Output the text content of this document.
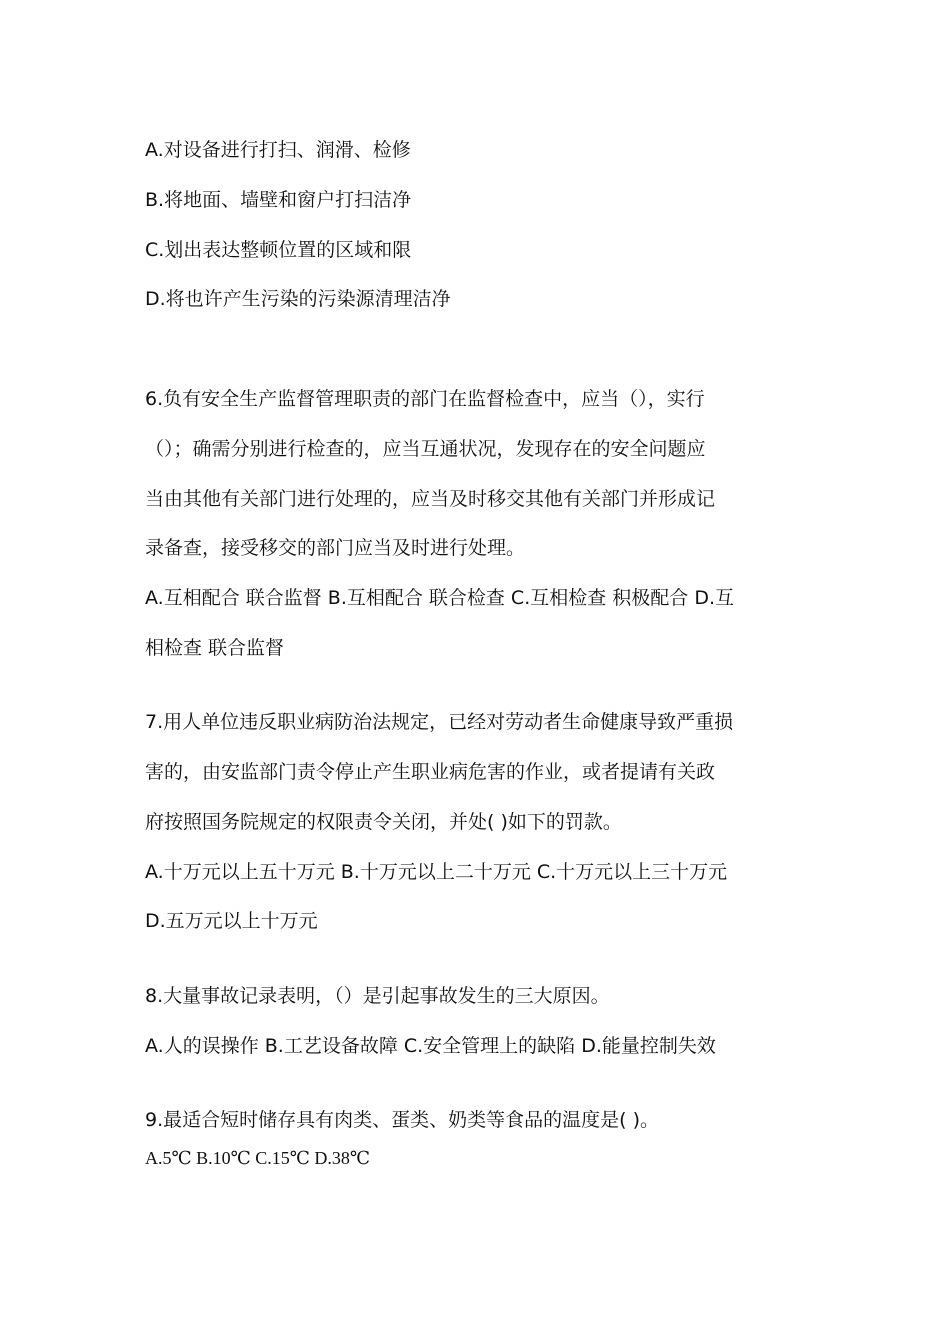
A.对设备进行打扫、润滑、检修
B.将地面、墙壁和窗户打扫洁净
C.划出表达整顿位置的区域和限
D.将也许产生污染的污染源清理洁净
6.负有安全生产监督管理职责的部门在监督检查中，应当（），实行
（）；确需分别进行检查的，应当互通状况，发现存在的安全问题应
当由其他有关部门进行处理的，应当及时移交其他有关部门并形成记
录备查，接受移交的部门应当及时进行处理。
A.互相配合 联合监督 B.互相配合 联合检查 C.互相检查 积极配合 D.互
相检查 联合监督
7.用人单位违反职业病防治法规定，已经对劳动者生命健康导致严重损
害的，由安监部门责令停止产生职业病危害的作业，或者提请有关政
府按照国务院规定的权限责令关闭，并处( )如下的罚款。
A.十万元以上五十万元 B.十万元以上二十万元 C.十万元以上三十万元
D.五万元以上十万元
8.大量事故记录表明，（）是引起事故发生的三大原因。
A.人的误操作 B.工艺设备故障 C.安全管理上的缺陷 D.能量控制失效
9.最适合短时储存具有肉类、蛋类、奶类等食品的温度是( )。
A.5℃ B.10℃ C.15℃ D.38℃
